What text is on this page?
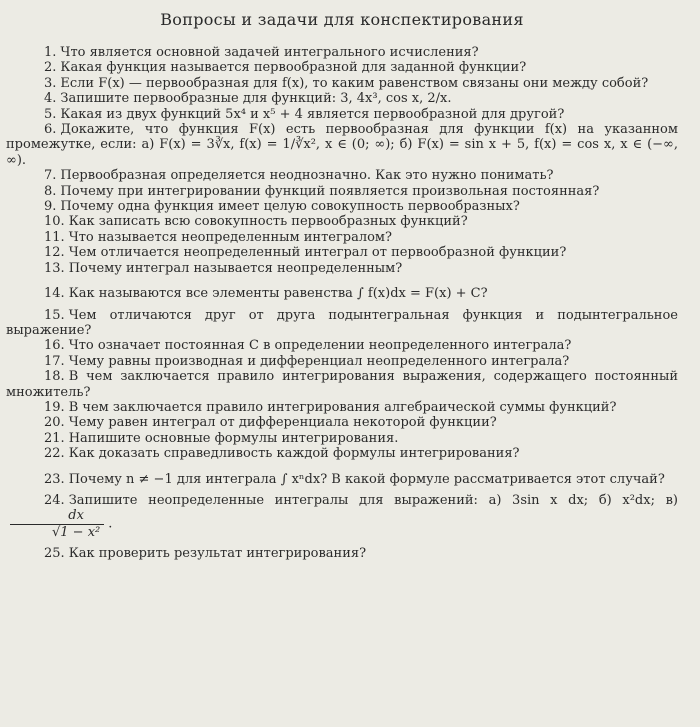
Вопросы и задачи для конспектирования

1. Что является основной задачей интегрального исчисления?

2. Какая функция называется первообразной для заданной функции?

3. Если F(x) — первообразная для f(x), то каким равенством связаны они между собой?

4. Запишите первообразные для функций: 3, 4x³, cos x, 2/x.

5. Какая из двух функций 5x⁴ и x⁵ + 4 является первообразной для другой?

6. Докажите, что функция F(x) есть первообразная для функции f(x) на указанном промежутке, если: а) F(x) = 3∛x, f(x) = 1/∛x², x ∈ (0; ∞); б) F(x) = sin x + 5, f(x) = cos x, x ∈ (−∞, ∞).

7. Первообразная определяется неоднозначно. Как это нужно понимать?

8. Почему при интегрировании функций появляется произвольная постоянная?

9. Почему одна функция имеет целую совокупность первообразных?

10. Как записать всю совокупность первообразных функций?

11. Что называется неопределенным интегралом?

12. Чем отличается неопределенный интеграл от первообразной функции?

13. Почему интеграл называется неопределенным?

14. Как называются все элементы равенства ∫ f(x)dx = F(x) + C?

15. Чем отличаются друг от друга подынтегральная функция и подынтегральное выражение?

16. Что означает постоянная C в определении неопределенного интеграла?

17. Чему равны производная и дифференциал неопределенного интеграла?

18. В чем заключается правило интегрирования выражения, содержащего постоянный множитель?

19. В чем заключается правило интегрирования алгебраической суммы функций?

20. Чему равен интеграл от дифференциала некоторой функции?

21. Напишите основные формулы интегрирования.

22. Как доказать справедливость каждой формулы интегрирования?

23. Почему n ≠ −1 для интеграла ∫ xⁿdx? В какой формуле рассматривается этот случай?

24. Запишите неопределенные интегралы для выражений: а) 3sin x dx; б) x²dx; в)
$\frac{dx}{\text{√1 − x²}}$ .

25. Как проверить результат интегрирования?
